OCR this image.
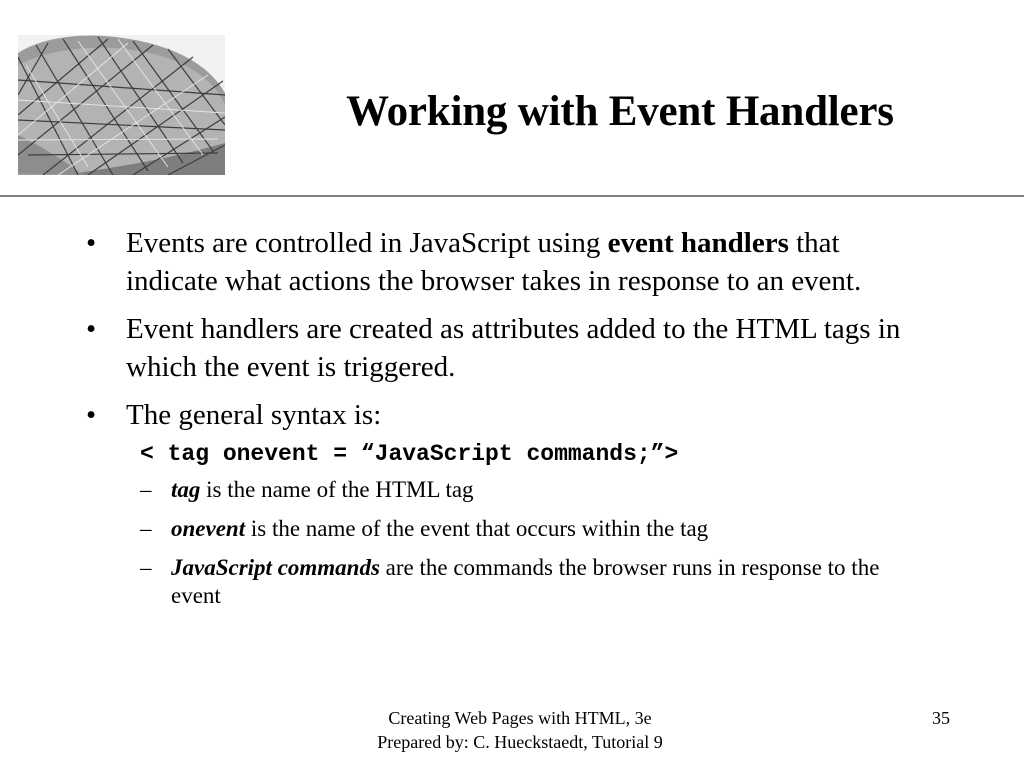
Working with Event Handlers
• Events are controlled in JavaScript using event handlers that indicate what actions the browser takes in response to an event.
• Event handlers are created as attributes added to the HTML tags in which the event is triggered.
• The general syntax is:
< tag onevent = “JavaScript commands;”>
– tag is the name of the HTML tag
– onevent is the name of the event that occurs within the tag
– JavaScript commands are the commands the browser runs in response to the event
Creating Web Pages with HTML, 3e
Prepared by: C. Hueckstaedt, Tutorial 9
35
